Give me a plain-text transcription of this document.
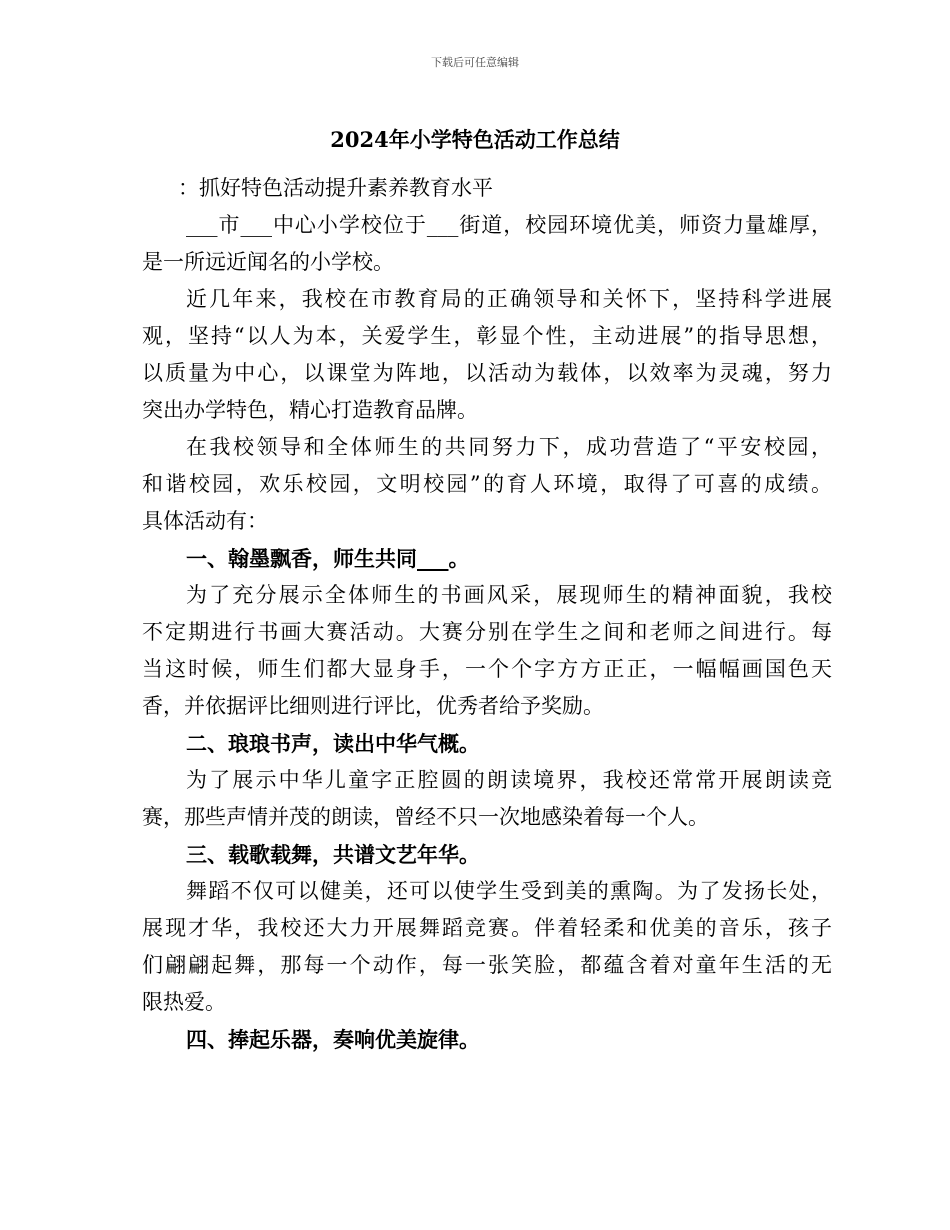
下载后可任意编辑
2024年小学特色活动工作总结
：抓好特色活动提升素养教育水平
___市___中心小学校位于___街道，校园环境优美，师资力量雄厚，
是一所远近闻名的小学校。
近几年来，我校在市教育局的正确领导和关怀下，坚持科学进展
观，坚持“以人为本，关爱学生，彰显个性，主动进展”的指导思想，
以质量为中心，以课堂为阵地，以活动为载体，以效率为灵魂，努力
突出办学特色，精心打造教育品牌。
在我校领导和全体师生的共同努力下，成功营造了“平安校园，
和谐校园，欢乐校园，文明校园”的育人环境，取得了可喜的成绩。
具体活动有：
一、翰墨飘香，师生共同___。
为了充分展示全体师生的书画风采，展现师生的精神面貌，我校
不定期进行书画大赛活动。大赛分别在学生之间和老师之间进行。每
当这时候，师生们都大显身手，一个个字方方正正，一幅幅画国色天
香，并依据评比细则进行评比，优秀者给予奖励。
二、琅琅书声，读出中华气概。
为了展示中华儿童字正腔圆的朗读境界，我校还常常开展朗读竞
赛，那些声情并茂的朗读，曾经不只一次地感染着每一个人。
三、载歌载舞，共谱文艺年华。
舞蹈不仅可以健美，还可以使学生受到美的熏陶。为了发扬长处，
展现才华，我校还大力开展舞蹈竞赛。伴着轻柔和优美的音乐，孩子
们翩翩起舞，那每一个动作，每一张笑脸，都蕴含着对童年生活的无
限热爱。
四、捧起乐器，奏响优美旋律。
